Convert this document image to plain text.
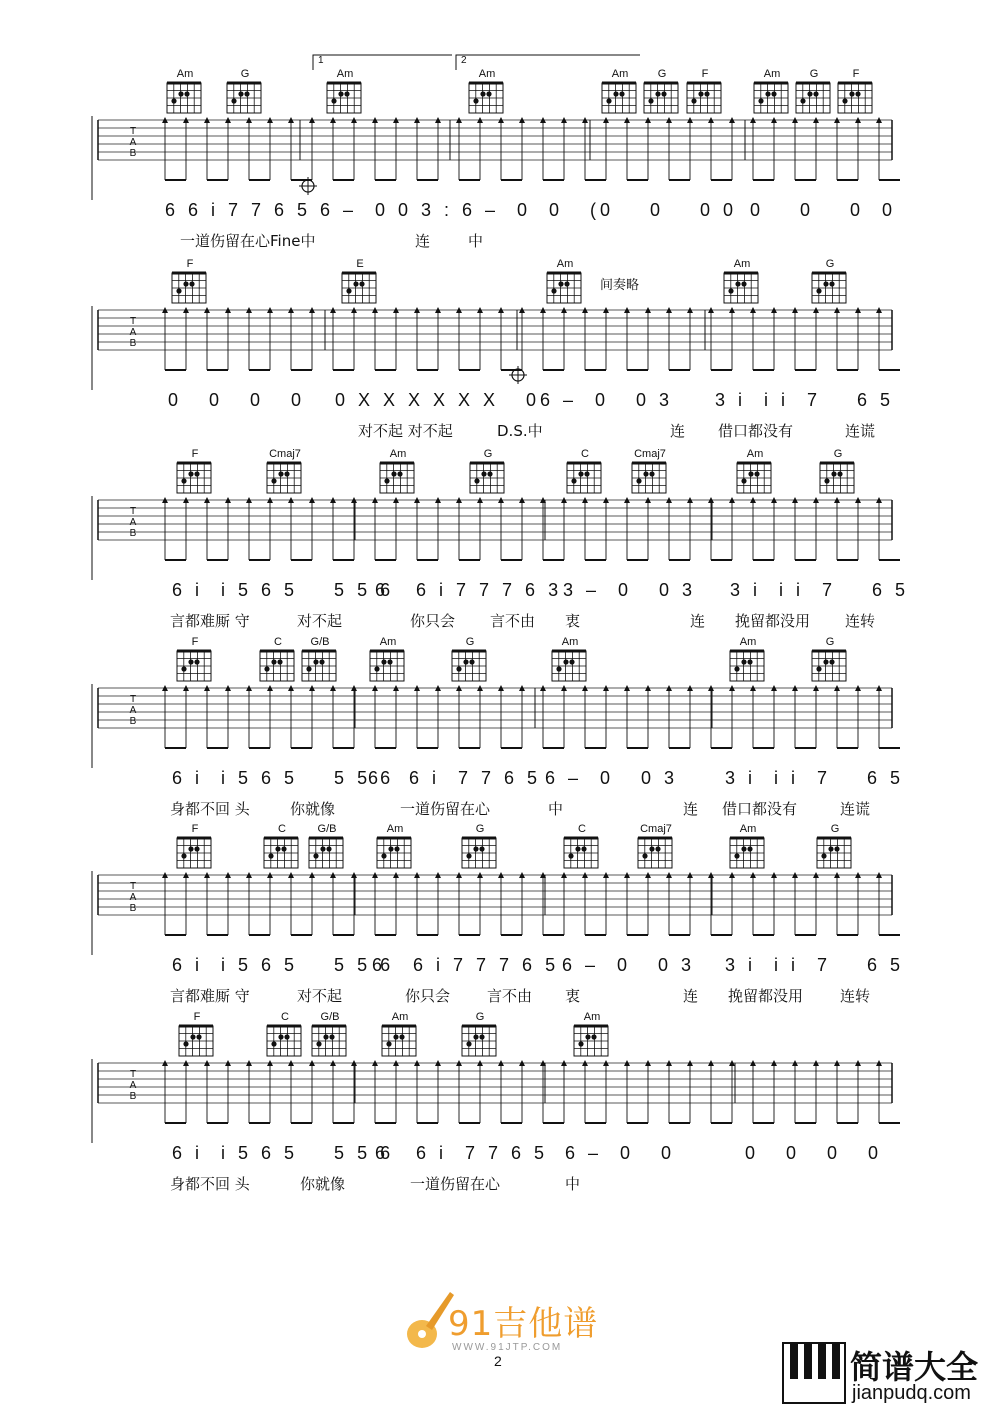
1	2
Am	G	Am	Am	Am	G	F	Am	G	F
T
A
B
6 6 i 7 7 6 5 6 –  0 0 3 : 6 –  0  0 (0    0    0 0 0    0    0  0
一道伤留在心Fine中	连	中
F	E	Am	Am	G
间奏略
T
A
B
0   0   0   0 0 X X X X X X   0 6 –  0   0 3 3 i  i i  7    6 5
对不起 对不起	D.S.中	连 借口都没有	连谎
F	Cmaj7	Am	G	C	Cmaj7	Am	G
T
A
B
6 i  i 5 6 5    5 5 6
6   6 i 7 7 7 6 3 3 –  0   0 3 3 i  i i  7    6 5
言都难厮 守	对不起	你只会 言不由 衷	连 挽留都没用 连转
F	C	G/B	Am	G	Am	Am	G
T
A
B
6 i  i 5 6 5    5 5 6
6   6 i  7 7 6 5 6 –  0   0 3	3 i  i i  7    6 5
身都不回 头	你就像	一道伤留在心	中	连 借口都没有	连谎
F	C	G/B	Am	G	C	Cmaj7	Am	G
T
A
B
6 i  i 5 6 5    5 5 6
6   6 i 7 7 7 6 5 6 –  0   0 3 3 i  i i  7    6 5
言都难厮 守	对不起	你只会 言不由 衷	连 挽留都没用 连转
F	C	G/B	Am	G	Am
T
A
B
6 i  i 5 6 5    5 5 6
6   6 i  7 7 6 5 6 –  0   0	0   0   0   0
身都不回 头	你就像	一道伤留在心	中
91吉他谱
WWW.91JTP.COM
2	简谱大全
jianpudq.com
